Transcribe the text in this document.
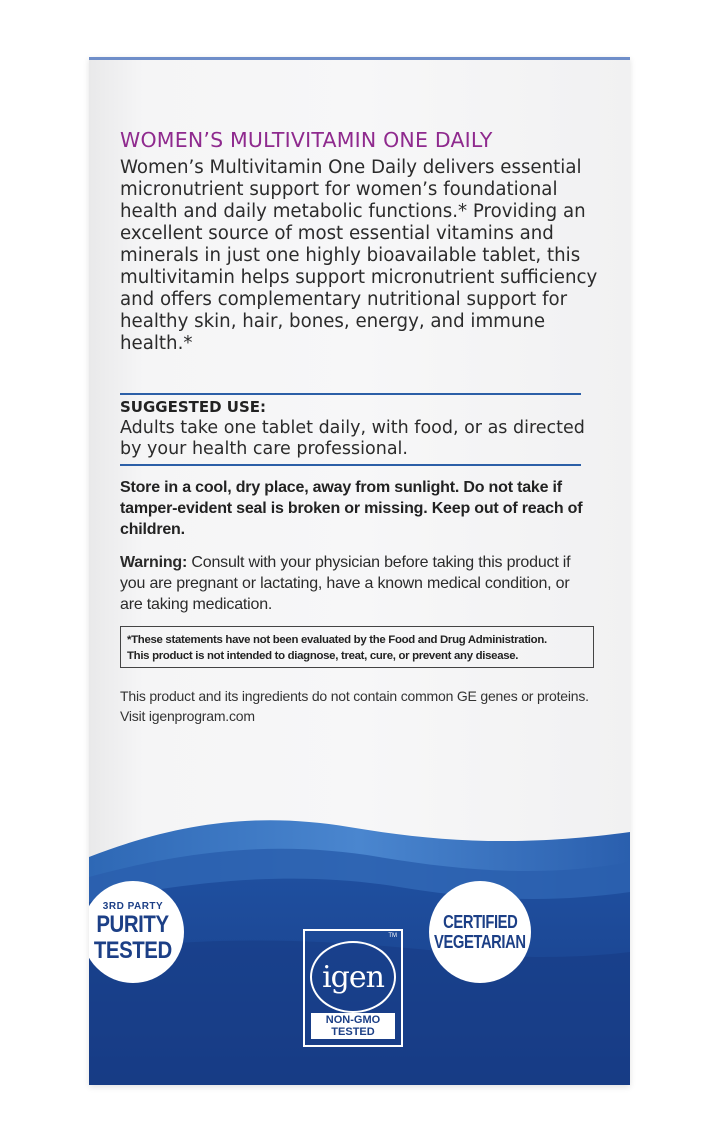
WOMEN’S MULTIVITAMIN ONE DAILY
Women’s Multivitamin One Daily delivers essential micronutrient support for women’s foundational health and daily metabolic functions.* Providing an excellent source of most essential vitamins and minerals in just one highly bioavailable tablet, this multivitamin helps support micronutrient sufficiency and offers complementary nutritional support for healthy skin, hair, bones, energy, and immune health.*
SUGGESTED USE:
Adults take one tablet daily, with food, or as directed by your health care professional.
Store in a cool, dry place, away from sunlight. Do not take if tamper-evident seal is broken or missing. Keep out of reach of children.
Warning: Consult with your physician before taking this product if you are pregnant or lactating, have a known medical condition, or are taking medication.
*These statements have not been evaluated by the Food and Drug Administration.
This product is not intended to diagnose, treat, cure, or prevent any disease.
This product and its ingredients do not contain common GE genes or proteins. Visit igenprogram.com
3RD PARTY
PURITY
TESTED
TM
igen
NON-GMO
TESTED
CERTIFIED
VEGETARIAN
